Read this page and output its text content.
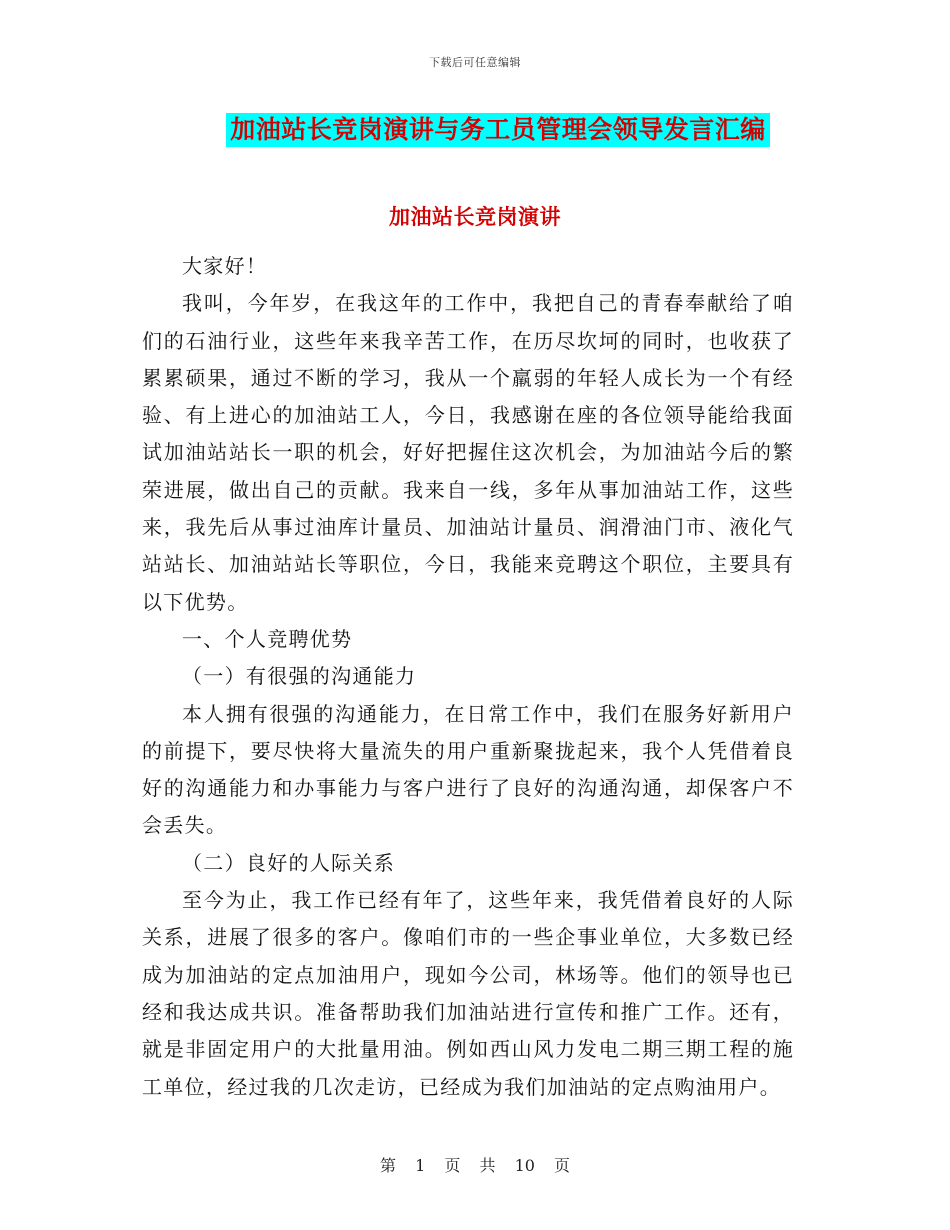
下载后可任意编辑
加油站长竞岗演讲与务工员管理会领导发言汇编
加油站长竞岗演讲

大家好！

我叫，今年岁，在我这年的工作中，我把自己的青春奉献给了咱们的石油行业，这些年来我辛苦工作，在历尽坎坷的同时，也收获了累累硕果，通过不断的学习，我从一个羸弱的年轻人成长为一个有经验、有上进心的加油站工人，今日，我感谢在座的各位领导能给我面试加油站站长一职的机会，好好把握住这次机会，为加油站今后的繁荣进展，做出自己的贡献。我来自一线，多年从事加油站工作，这些来，我先后从事过油库计量员、加油站计量员、润滑油门市、液化气站站长、加油站站长等职位，今日，我能来竞聘这个职位，主要具有以下优势。

一、个人竞聘优势

（一）有很强的沟通能力

本人拥有很强的沟通能力，在日常工作中，我们在服务好新用户的前提下，要尽快将大量流失的用户重新聚拢起来，我个人凭借着良好的沟通能力和办事能力与客户进行了良好的沟通沟通，却保客户不会丢失。

（二）良好的人际关系

至今为止，我工作已经有年了，这些年来，我凭借着良好的人际关系，进展了很多的客户。像咱们市的一些企事业单位，大多数已经成为加油站的定点加油用户，现如今公司，林场等。他们的领导也已经和我达成共识。准备帮助我们加油站进行宣传和推广工作。还有，就是非固定用户的大批量用油。例如西山风力发电二期三期工程的施工单位，经过我的几次走访，已经成为我们加油站的定点购油用户。

第 1 页 共 10 页
